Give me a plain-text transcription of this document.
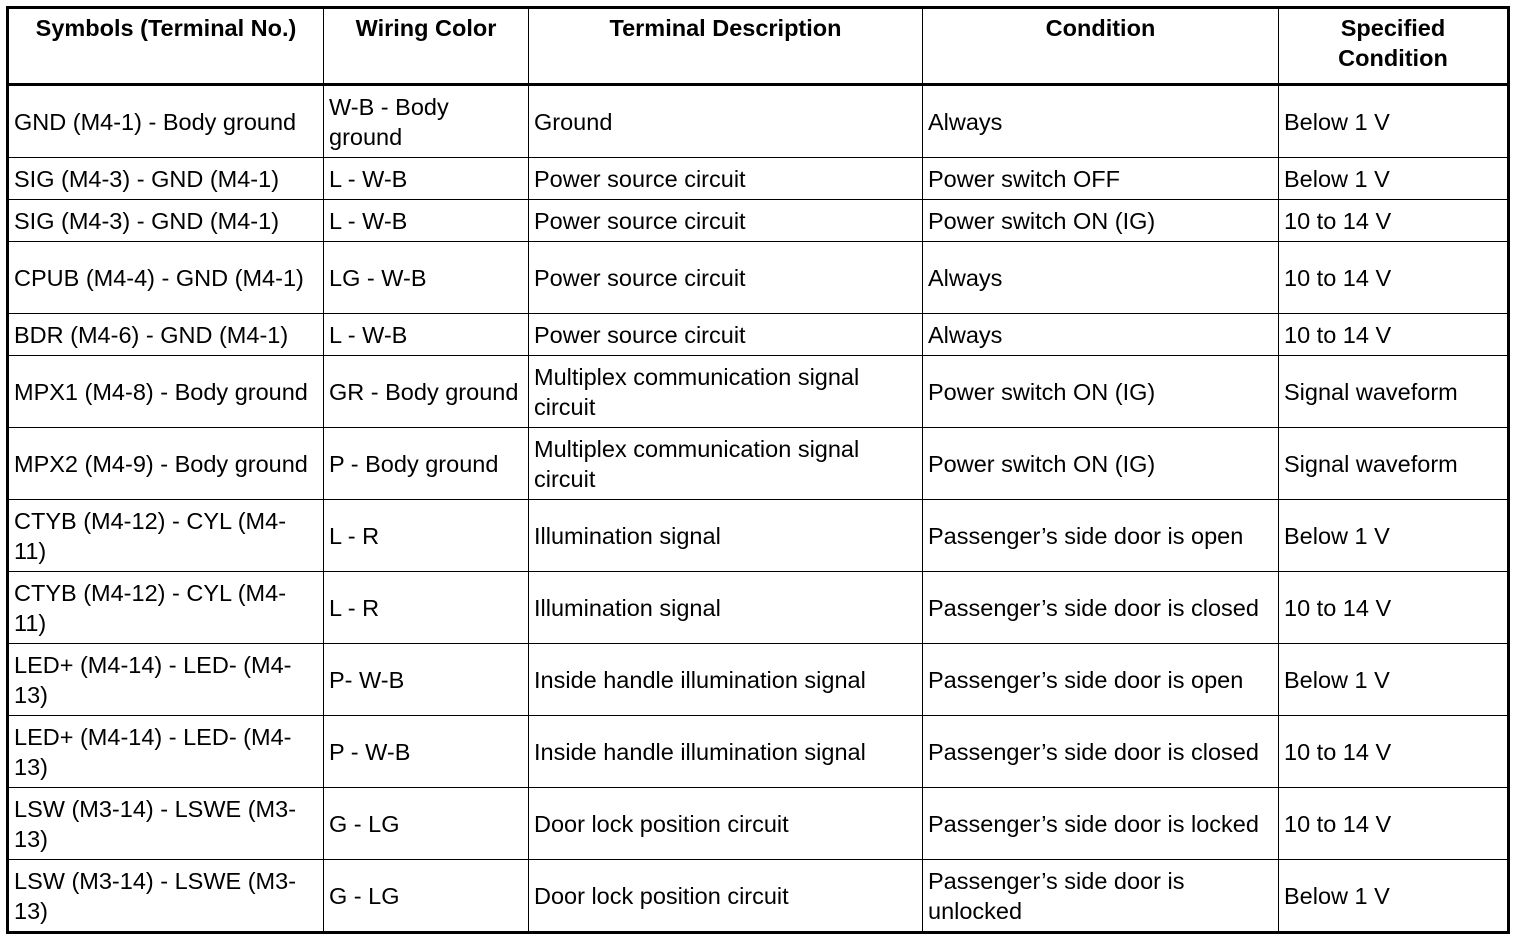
Symbols (Terminal No.)	Wiring Color	Terminal Description	Condition	Specified Condition
GND (M4-1) - Body ground	W-B - Body ground	Ground	Always	Below 1 V
SIG (M4-3) - GND (M4-1)	L - W-B	Power source circuit	Power switch OFF	Below 1 V
SIG (M4-3) - GND (M4-1)	L - W-B	Power source circuit	Power switch ON (IG)	10 to 14 V
CPUB (M4-4) - GND (M4-1)	LG - W-B	Power source circuit	Always	10 to 14 V
BDR (M4-6) - GND (M4-1)	L - W-B	Power source circuit	Always	10 to 14 V
MPX1 (M4-8) - Body ground	GR - Body ground	Multiplex communication signal circuit	Power switch ON (IG)	Signal waveform
MPX2 (M4-9) - Body ground	P - Body ground	Multiplex communication signal circuit	Power switch ON (IG)	Signal waveform
CTYB (M4-12) - CYL (M4-11)	L - R	Illumination signal	Passenger’s side door is open	Below 1 V
CTYB (M4-12) - CYL (M4-11)	L - R	Illumination signal	Passenger’s side door is closed	10 to 14 V
LED+ (M4-14) - LED- (M4-13)	P- W-B	Inside handle illumination signal	Passenger’s side door is open	Below 1 V
LED+ (M4-14) - LED- (M4-13)	P - W-B	Inside handle illumination signal	Passenger’s side door is closed	10 to 14 V
LSW (M3-14) - LSWE (M3-13)	G - LG	Door lock position circuit	Passenger’s side door is locked	10 to 14 V
LSW (M3-14) - LSWE (M3-13)	G - LG	Door lock position circuit	Passenger’s side door is unlocked	Below 1 V
